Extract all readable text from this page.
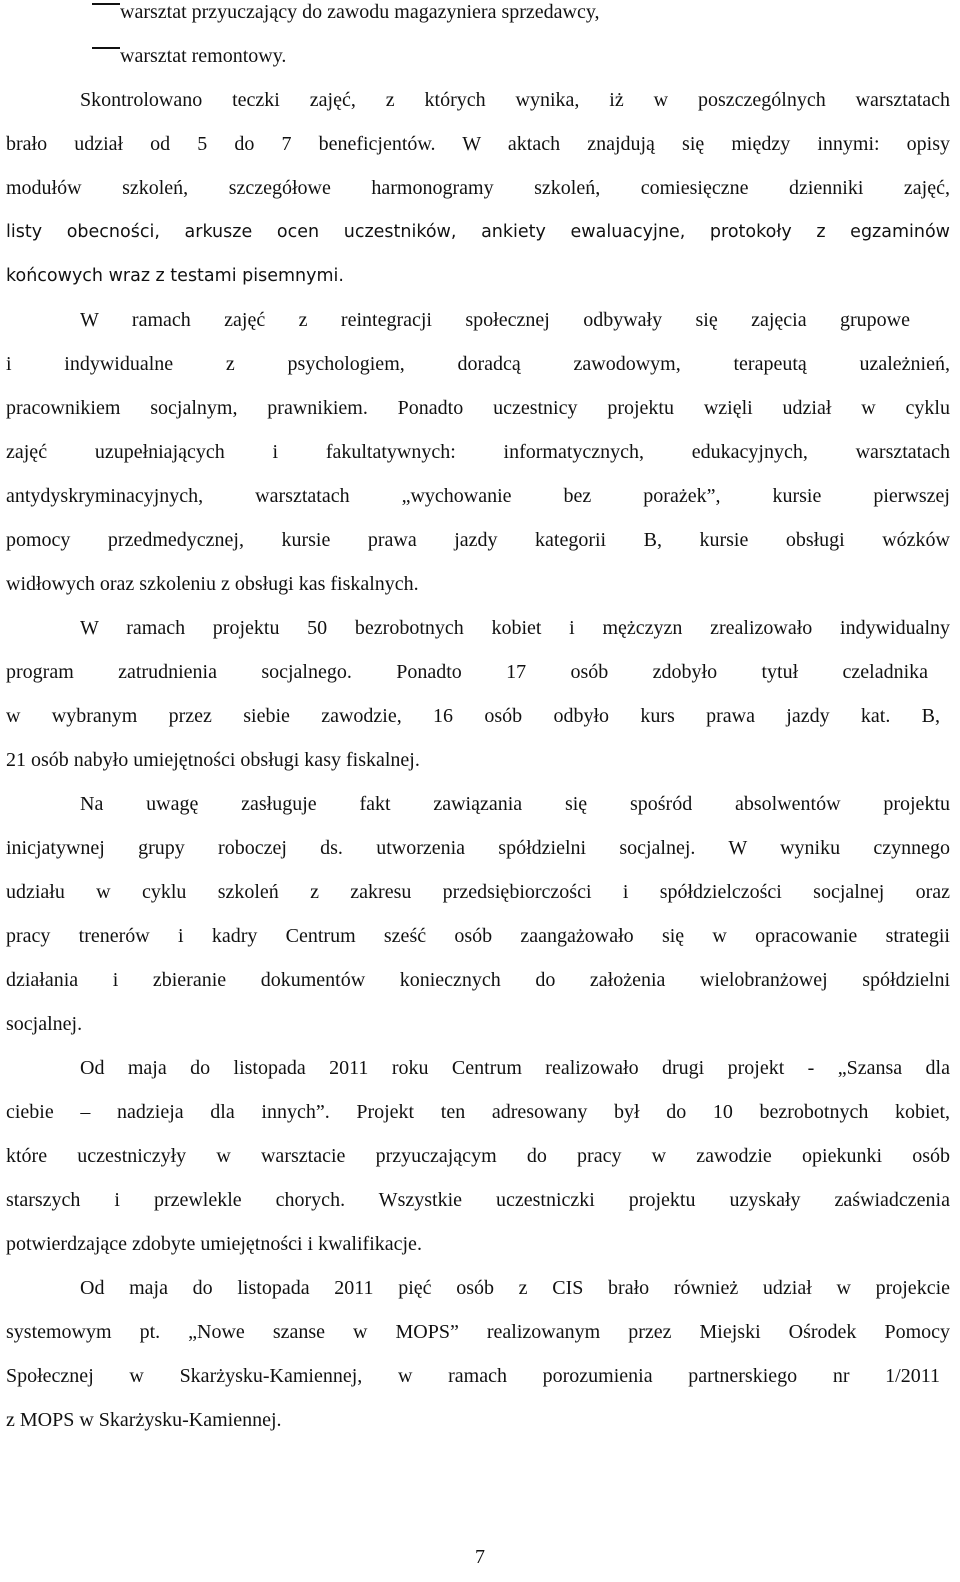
warsztat przyuczający do zawodu magazyniera sprzedawcy,
warsztat remontowy.

Skontrolowano teczki zajęć, z których wynika, iż w poszczególnych warsztatach

brało udział od 5 do 7 beneficjentów. W aktach znajdują się między innymi: opisy

modułów szkoleń, szczegółowe harmonogramy szkoleń, comiesięczne dzienniki zajęć,

listy obecności, arkusze ocen uczestników, ankiety ewaluacyjne, protokoły z egzaminów

końcowych wraz z testami pisemnymi.

W ramach zajęć z reintegracji społecznej odbywały się zajęcia grupowe

i indywidualne z psychologiem, doradcą zawodowym, terapeutą uzależnień,

pracownikiem socjalnym, prawnikiem. Ponadto uczestnicy projektu wzięli udział w cyklu

zajęć uzupełniających i fakultatywnych: informatycznych, edukacyjnych, warsztatach

antydyskryminacyjnych, warsztatach „wychowanie bez porażek”, kursie pierwszej

pomocy przedmedycznej, kursie prawa jazdy kategorii B, kursie obsługi wózków

widłowych oraz szkoleniu z obsługi kas fiskalnych.

W ramach projektu 50 bezrobotnych kobiet i mężczyzn zrealizowało indywidualny

program zatrudnienia socjalnego. Ponadto 17 osób zdobyło tytuł czeladnika

w wybranym przez siebie zawodzie, 16 osób odbyło kurs prawa jazdy kat. B,

21 osób nabyło umiejętności obsługi kasy fiskalnej.

Na uwagę zasługuje fakt zawiązania się spośród absolwentów projektu

inicjatywnej grupy roboczej ds. utworzenia spółdzielni socjalnej. W wyniku czynnego

udziału w cyklu szkoleń z zakresu przedsiębiorczości i spółdzielczości socjalnej oraz

pracy trenerów i kadry Centrum sześć osób zaangażowało się w opracowanie strategii

działania i zbieranie dokumentów koniecznych do założenia wielobranżowej spółdzielni

socjalnej.

Od maja do listopada 2011 roku Centrum realizowało drugi projekt - „Szansa dla

ciebie – nadzieja dla innych”. Projekt ten adresowany był do 10 bezrobotnych kobiet,

które uczestniczyły w warsztacie przyuczającym do pracy w zawodzie opiekunki osób

starszych i przewlekle chorych. Wszystkie uczestniczki projektu uzyskały zaświadczenia

potwierdzające zdobyte umiejętności i kwalifikacje.

Od maja do listopada 2011 pięć osób z CIS brało również udział w projekcie

systemowym pt. „Nowe szanse w MOPS” realizowanym przez Miejski Ośrodek Pomocy

Społecznej w Skarżysku-Kamiennej, w ramach porozumienia partnerskiego nr 1/2011

z MOPS w Skarżysku-Kamiennej.

7
